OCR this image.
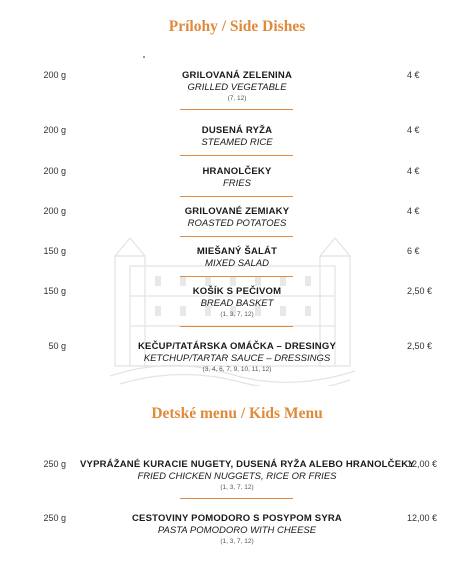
Prílohy / Side Dishes
200 g	GRILOVANÁ ZELENINA
GRILLED VEGETABLE
(7, 12)
4 €
200 g	DUSENÁ RYŽA
STEAMED RICE
4 €
200 g	HRANOLČEKY
FRIES
4 €
200 g	GRILOVANÉ ZEMIAKY
ROASTED POTATOES
4 €
150 g	MIEŠANÝ ŠALÁT
MIXED SALAD
6 €
150 g	KOŠÍK S PEČIVOM
BREAD BASKET
(1, 3, 7, 12)
2,50 €
50 g	KEČUP/TATÁRSKA OMÁČKA – DRESINGY
KETCHUP/TARTAR SAUCE – DRESSINGS
(3, 4, 6, 7, 9, 10, 11, 12)
2,50 €
Detské menu / Kids Menu
250 g VYPRÁŽANÉ KURACIE NUGETY, DUSENÁ RYŽA ALEBO HRANOLČEKY
FRIED CHICKEN NUGGETS, RICE OR FRIES
(1, 3, 7, 12)
12,00 €
250 g	CESTOVINY POMODORO S POSYPOM SYRA
PASTA POMODORO WITH CHEESE
(1, 3, 7, 12)
12,00 €
